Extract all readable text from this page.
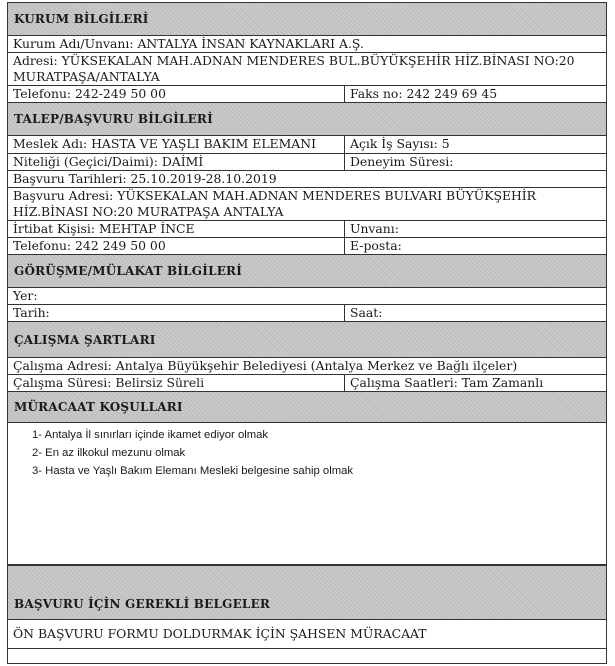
KURUM BİLGİLERİ
Kurum Adı/Unvanı: ANTALYA İNSAN KAYNAKLARI A.Ş.
Adresi: YÜKSEKALAN MAH.ADNAN MENDERES BUL.BÜYÜKŞEHİR HİZ.BİNASI NO:20
MURATPAŞA/ANTALYA
Telefonu: 242-249 50 00	Faks no: 242 249 69 45
TALEP/BAŞVURU BİLGİLERİ
Meslek Adı: HASTA VE YAŞLI BAKIM ELEMANI	Açık İş Sayısı: 5
Niteliği (Geçici/Daimi): DAİMİ	Deneyim Süresi:
Başvuru Tarihleri: 25.10.2019-28.10.2019
Başvuru Adresi: YÜKSEKALAN MAH.ADNAN MENDERES BULVARI BÜYÜKŞEHİR
HİZ.BİNASI NO:20 MURATPAŞA ANTALYA
İrtibat Kişisi: MEHTAP İNCE	Unvanı:
Telefonu: 242 249 50 00	E-posta:
GÖRÜŞME/MÜLAKAT BİLGİLERİ
Yer:
Tarih:	Saat:
ÇALIŞMA ŞARTLARI
Çalışma Adresi: Antalya Büyükşehir Belediyesi (Antalya Merkez ve Bağlı ilçeler)
Çalışma Süresi: Belirsiz Süreli	Çalışma Saatleri: Tam Zamanlı
MÜRACAAT KOŞULLARI
1- Antalya İl sınırları içinde ikamet ediyor olmak
2- En az ilkokul mezunu olmak
3- Hasta ve Yaşlı Bakım Elemanı Mesleki belgesine sahip olmak
BAŞVURU İÇİN GEREKLİ BELGELER
ÖN BAŞVURU FORMU DOLDURMAK İÇİN ŞAHSEN MÜRACAAT
